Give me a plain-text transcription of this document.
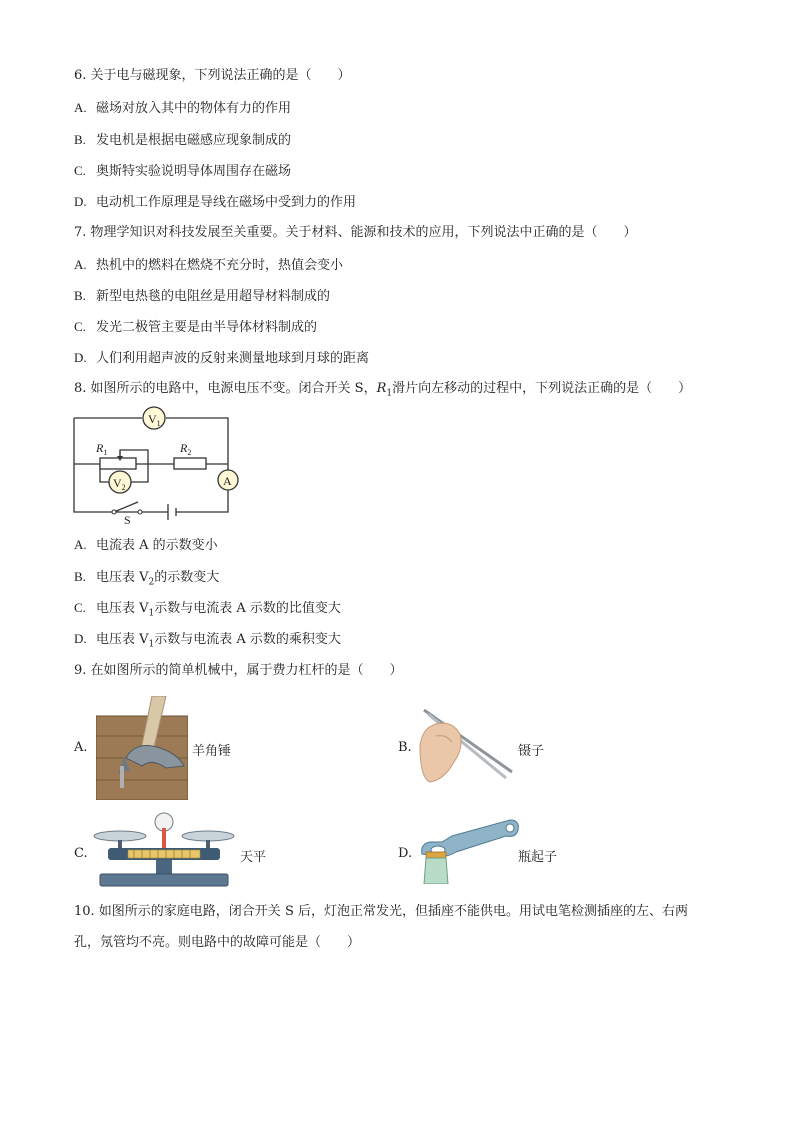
6. 关于电与磁现象，下列说法正确的是（　　）
A. 磁场对放入其中的物体有力的作用
B. 发电机是根据电磁感应现象制成的
C. 奥斯特实验说明导体周围存在磁场
D. 电动机工作原理是导线在磁场中受到力的作用
7. 物理学知识对科技发展至关重要。关于材料、能源和技术的应用，下列说法中正确的是（　　）
A. 热机中的燃料在燃烧不充分时，热值会变小
B. 新型电热毯的电阻丝是用超导材料制成的
C. 发光二极管主要是由半导体材料制成的
D. 人们利用超声波的反射来测量地球到月球的距离
8. 如图所示的电路中，电源电压不变。闭合开关 S，$R_1$滑片向左移动的过程中，下列说法正确的是（　　）
$V_1$
$V_2$	A
$R_1$	$R_2$
S
A. 电流表 A 的示数变小
B. 电压表 $V_2$的示数变大
C. 电压表 $V_1$示数与电流表 A 示数的比值变大
D. 电压表 $V_1$示数与电流表 A 示数的乘积变大
9. 在如图所示的简单机械中，属于费力杠杆的是（　　）
A.	羊角锤	B.	镊子
C.	天平	D.	瓶起子
10. 如图所示的家庭电路，闭合开关 S 后，灯泡正常发光，但插座不能供电。用试电笔检测插座的左、右两
孔，氖管均不亮。则电路中的故障可能是（　　）
